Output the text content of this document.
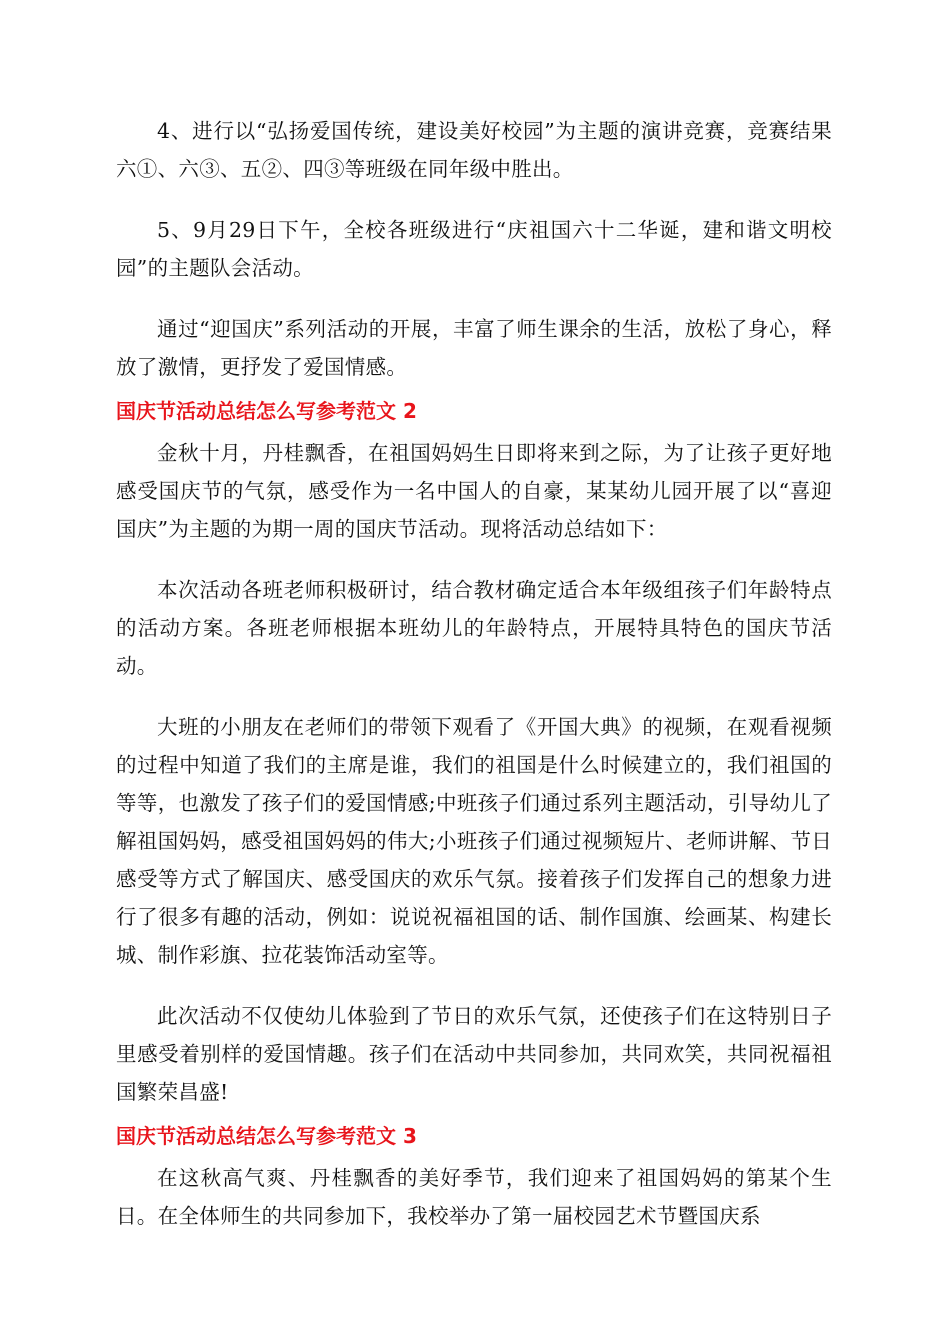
4、进行以“弘扬爱国传统，建设美好校园”为主题的演讲竞赛，竞赛结果六①、六③、五②、四③等班级在同年级中胜出。

5、9月29日下午，全校各班级进行“庆祖国六十二华诞，建和谐文明校园”的主题队会活动。

通过“迎国庆”系列活动的开展，丰富了师生课余的生活，放松了身心，释放了激情，更抒发了爱国情感。

国庆节活动总结怎么写参考范文 2

金秋十月，丹桂飘香，在祖国妈妈生日即将来到之际，为了让孩子更好地感受国庆节的气氛，感受作为一名中国人的自豪，某某幼儿园开展了以“喜迎国庆”为主题的为期一周的国庆节活动。现将活动总结如下：

本次活动各班老师积极研讨，结合教材确定适合本年级组孩子们年龄特点的活动方案。各班老师根据本班幼儿的年龄特点，开展特具特色的国庆节活动。

大班的小朋友在老师们的带领下观看了《开国大典》的视频，在观看视频的过程中知道了我们的主席是谁，我们的祖国是什么时候建立的，我们祖国的等等，也激发了孩子们的爱国情感;中班孩子们通过系列主题活动，引导幼儿了解祖国妈妈，感受祖国妈妈的伟大;小班孩子们通过视频短片、老师讲解、节日感受等方式了解国庆、感受国庆的欢乐气氛。接着孩子们发挥自己的想象力进行了很多有趣的活动，例如：说说祝福祖国的话、制作国旗、绘画某、构建长城、制作彩旗、拉花装饰活动室等。

此次活动不仅使幼儿体验到了节日的欢乐气氛，还使孩子们在这特别日子里感受着别样的爱国情趣。孩子们在活动中共同参加，共同欢笑，共同祝福祖国繁荣昌盛!

国庆节活动总结怎么写参考范文 3

在这秋高气爽、丹桂飘香的美好季节，我们迎来了祖国妈妈的第某个生日。在全体师生的共同参加下，我校举办了第一届校园艺术节暨国庆系
